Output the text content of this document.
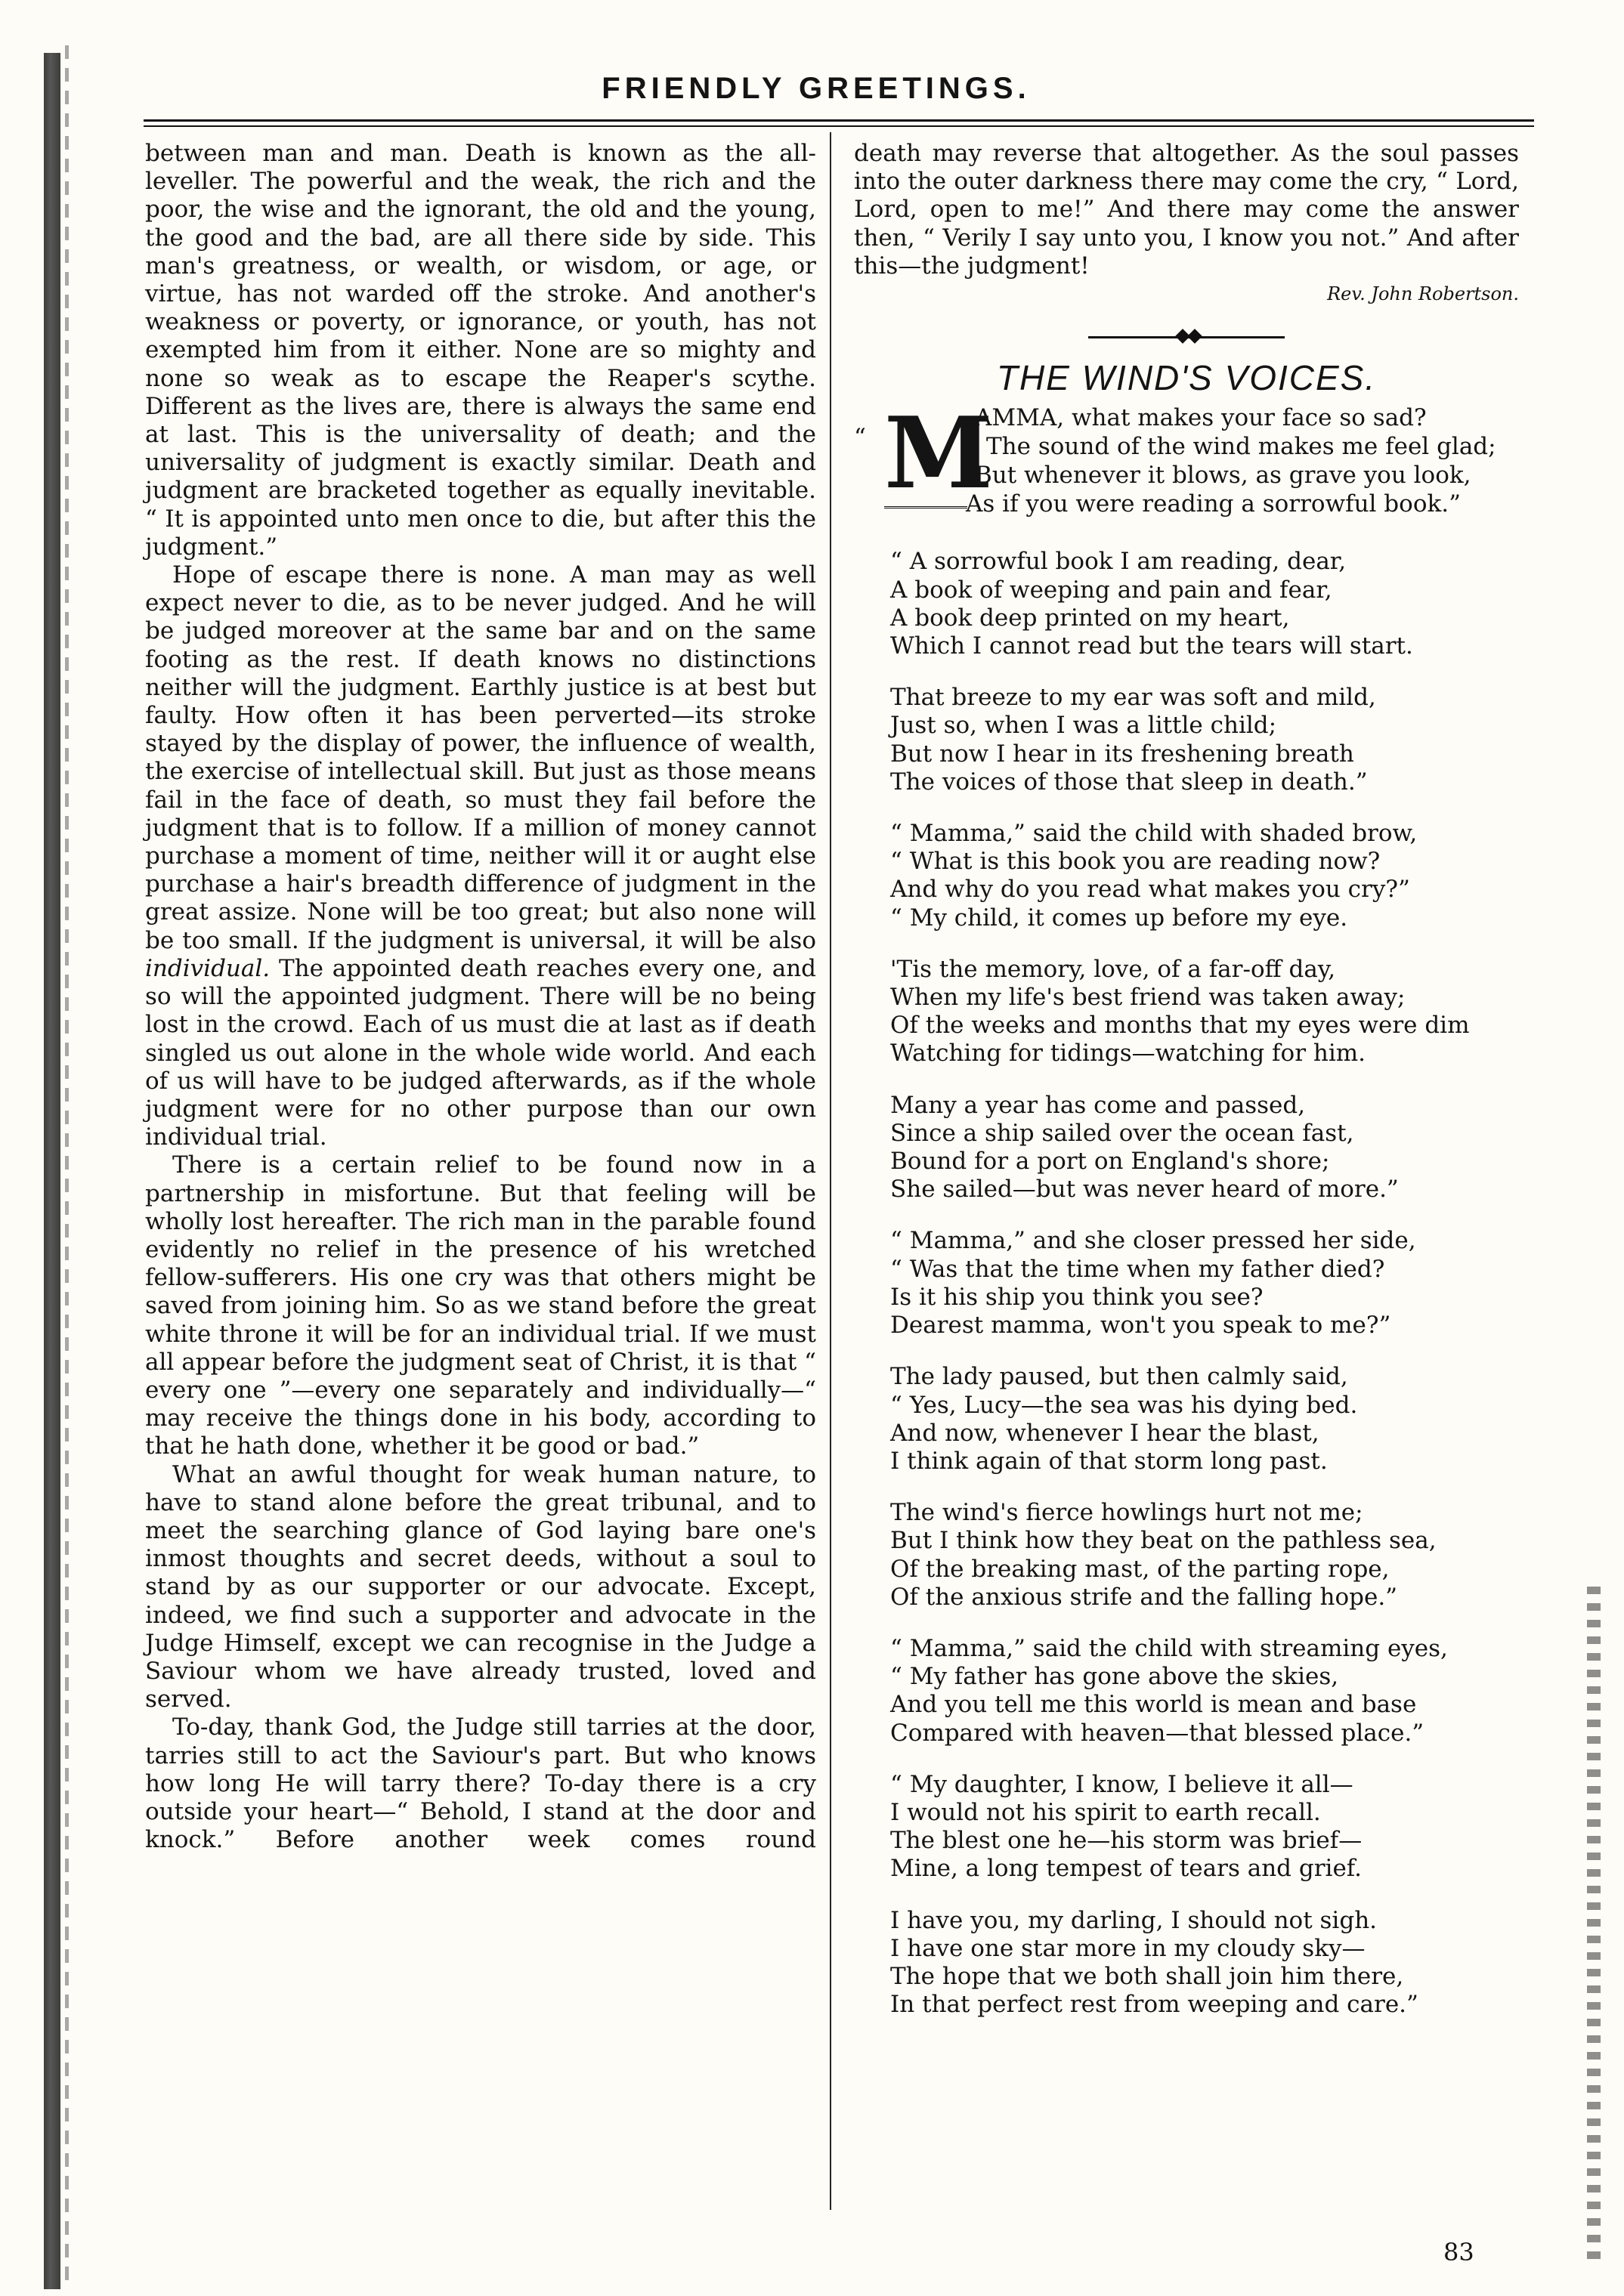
FRIENDLY GREETINGS.

between man and man. Death is known as the all-leveller. The powerful and the weak, the rich and the poor, the wise and the ignorant, the old and the young, the good and the bad, are all there side by side. This man's greatness, or wealth, or wisdom, or age, or virtue, has not warded off the stroke. And another's weakness or poverty, or ignorance, or youth, has not exempted him from it either. None are so mighty and none so weak as to escape the Reaper's scythe. Different as the lives are, there is always the same end at last. This is the universality of death; and the universality of judgment is exactly similar. Death and judgment are bracketed together as equally inevitable. “ It is appointed unto men once to die, but after this the judgment.”

Hope of escape there is none. A man may as well expect never to die, as to be never judged. And he will be judged moreover at the same bar and on the same footing as the rest. If death knows no distinctions neither will the judgment. Earthly justice is at best but faulty. How often it has been perverted—its stroke stayed by the display of power, the influence of wealth, the exercise of intellectual skill. But just as those means fail in the face of death, so must they fail before the judgment that is to follow. If a million of money cannot purchase a moment of time, neither will it or aught else purchase a hair's breadth difference of judgment in the great assize. None will be too great; but also none will be too small. If the judgment is universal, it will be also individual. The appointed death reaches every one, and so will the appointed judgment. There will be no being lost in the crowd. Each of us must die at last as if death singled us out alone in the whole wide world. And each of us will have to be judged afterwards, as if the whole judgment were for no other purpose than our own individual trial.

There is a certain relief to be found now in a partnership in misfortune. But that feeling will be wholly lost hereafter. The rich man in the parable found evidently no relief in the presence of his wretched fellow-sufferers. His one cry was that others might be saved from joining him. So as we stand before the great white throne it will be for an individual trial. If we must all appear before the judgment seat of Christ, it is that “ every one ”—every one separately and individually—“ may receive the things done in his body, according to that he hath done, whether it be good or bad.”

What an awful thought for weak human nature, to have to stand alone before the great tribunal, and to meet the searching glance of God laying bare one's inmost thoughts and secret deeds, without a soul to stand by as our supporter or our advocate. Except, indeed, we find such a supporter and advocate in the Judge Himself, except we can recognise in the Judge a Saviour whom we have already trusted, loved and served.

To-day, thank God, the Judge still tarries at the door, tarries still to act the Saviour's part. But who knows how long He will tarry there? To-day there is a cry outside your heart—“ Behold, I stand at the door and knock.” Before another week comes round

death may reverse that altogether. As the soul passes into the outer darkness there may come the cry, “ Lord, Lord, open to me!” And there may come the answer then, “ Verily I say unto you, I know you not.” And after this—the judgment!

Rev. John Robertson.
THE WIND'S VOICES.
“ M
AMMA, what makes your face so sad?
The sound of the wind makes me feel glad;
But whenever it blows, as grave you look,
As if you were reading a sorrowful book.”
“ A sorrowful book I am reading, dear,
A book of weeping and pain and fear,
A book deep printed on my heart,
Which I cannot read but the tears will start.
That breeze to my ear was soft and mild,
Just so, when I was a little child;
But now I hear in its freshening breath
The voices of those that sleep in death.”
“ Mamma,” said the child with shaded brow,
“ What is this book you are reading now?
And why do you read what makes you cry?”
“ My child, it comes up before my eye.
'Tis the memory, love, of a far-off day,
When my life's best friend was taken away;
Of the weeks and months that my eyes were dim
Watching for tidings—watching for him.
Many a year has come and passed,
Since a ship sailed over the ocean fast,
Bound for a port on England's shore;
She sailed—but was never heard of more.”
“ Mamma,” and she closer pressed her side,
“ Was that the time when my father died?
Is it his ship you think you see?
Dearest mamma, won't you speak to me?”
The lady paused, but then calmly said,
“ Yes, Lucy—the sea was his dying bed.
And now, whenever I hear the blast,
I think again of that storm long past.
The wind's fierce howlings hurt not me;
But I think how they beat on the pathless sea,
Of the breaking mast, of the parting rope,
Of the anxious strife and the falling hope.”
“ Mamma,” said the child with streaming eyes,
“ My father has gone above the skies,
And you tell me this world is mean and base
Compared with heaven—that blessed place.”
“ My daughter, I know, I believe it all—
I would not his spirit to earth recall.
The blest one he—his storm was brief—
Mine, a long tempest of tears and grief.
I have you, my darling, I should not sigh.
I have one star more in my cloudy sky—
The hope that we both shall join him there,
In that perfect rest from weeping and care.”
83
